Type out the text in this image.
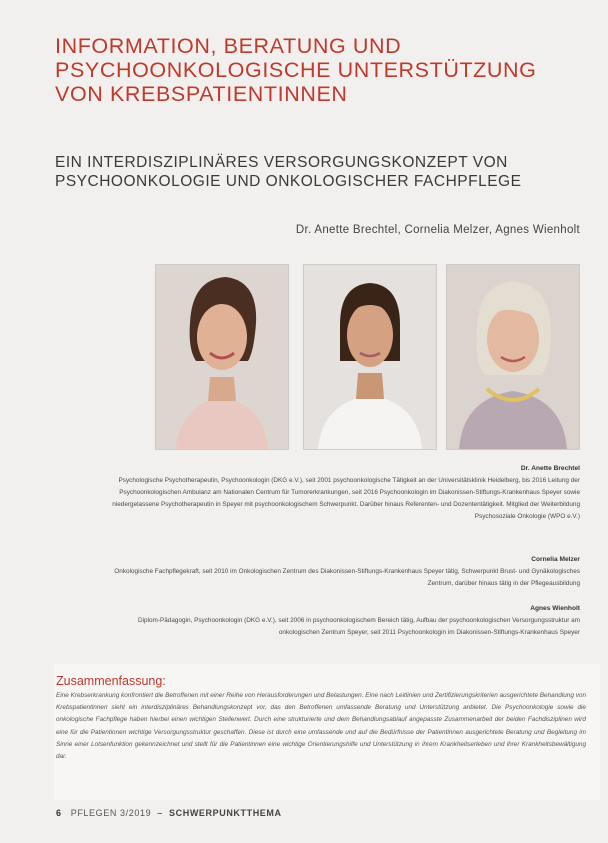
INFORMATION, BERATUNG UND PSYCHOONKOLOGISCHE UNTERSTÜTZUNG VON KREBSPATIENTINNEN
EIN INTERDISZIPLINÄRES VERSORGUNGSKONZEPT VON PSYCHOONKOLOGIE UND ONKOLOGISCHER FACHPFLEGE
Dr. Anette Brechtel, Cornelia Melzer, Agnes Wienholt
Dr. Anette Brechtel
Psychologische Psychotherapeutin, Psychoonkologin (DKG e.V.), seit 2001 psychoonkologische Tätigkeit an der Universitätsklinik Heidelberg, bis 2016 Leitung der Psychoonkologischen Ambulanz am Nationalen Centrum für Tumorerkrankungen, seit 2016 Psychoonkologin im Diakonissen-Stiftungs-Krankenhaus Speyer sowie niedergelassene Psychotherapeutin in Speyer mit psychoonkologischem Schwerpunkt. Darüber hinaus Referenten- und Dozententätigkeit. Mitglied der Weiterbildung Psychosoziale Onkologie (WPO e.V.)
Cornelia Melzer
Onkologische Fachpflegekraft, seit 2010 im Onkologischen Zentrum des Diakonissen-Stiftungs-Krankenhaus Speyer tätig, Schwerpunkt Brust- und Gynäkologisches Zentrum, darüber hinaus tätig in der Pflegeausbildung
Agnes Wienholt
Diplom-Pädagogin, Psychoonkologin (DKG e.V.), seit 2006 in psychoonkologischem Bereich tätig, Aufbau der psychoonkologischen Versorgungsstruktur am onkologischen Zentrum Speyer, seit 2011 Psychoonkologin im Diakonissen-Stiftungs-Krankenhaus Speyer
Zusammenfassung:

Eine Krebserkrankung konfrontiert die Betroffenen mit einer Reihe von Herausforderungen und Belastungen. Eine nach Leitlinien und Zertifizierungskriterien ausgerichtete Behandlung von Krebspatientinnen sieht ein interdisziplinäres Behandlungskonzept vor, das den Betroffenen umfassende Beratung und Unterstützung anbietet. Die Psychoonkologie sowie die onkologische Fachpflege haben hierbei einen wichtigen Stellenwert. Durch eine strukturierte und dem Behandlungsablauf angepasste Zusammenarbeit der beiden Fachdisziplinen wird eine für die Patientinnen wichtige Versorgungsstruktur geschaffen. Diese ist durch eine umfassende und auf die Bedürfnisse der Patientinnen ausgerichtete Beratung und Begleitung im Sinne einer Lotsenfunktion gekennzeichnet und stellt für die Patientinnen eine wichtige Orientierungshilfe und Unterstützung in ihrem Krankheitserleben und ihrer Krankheitsbewältigung dar.

6 PFLEGEN 3/2019 – SCHWERPUNKTTHEMA
